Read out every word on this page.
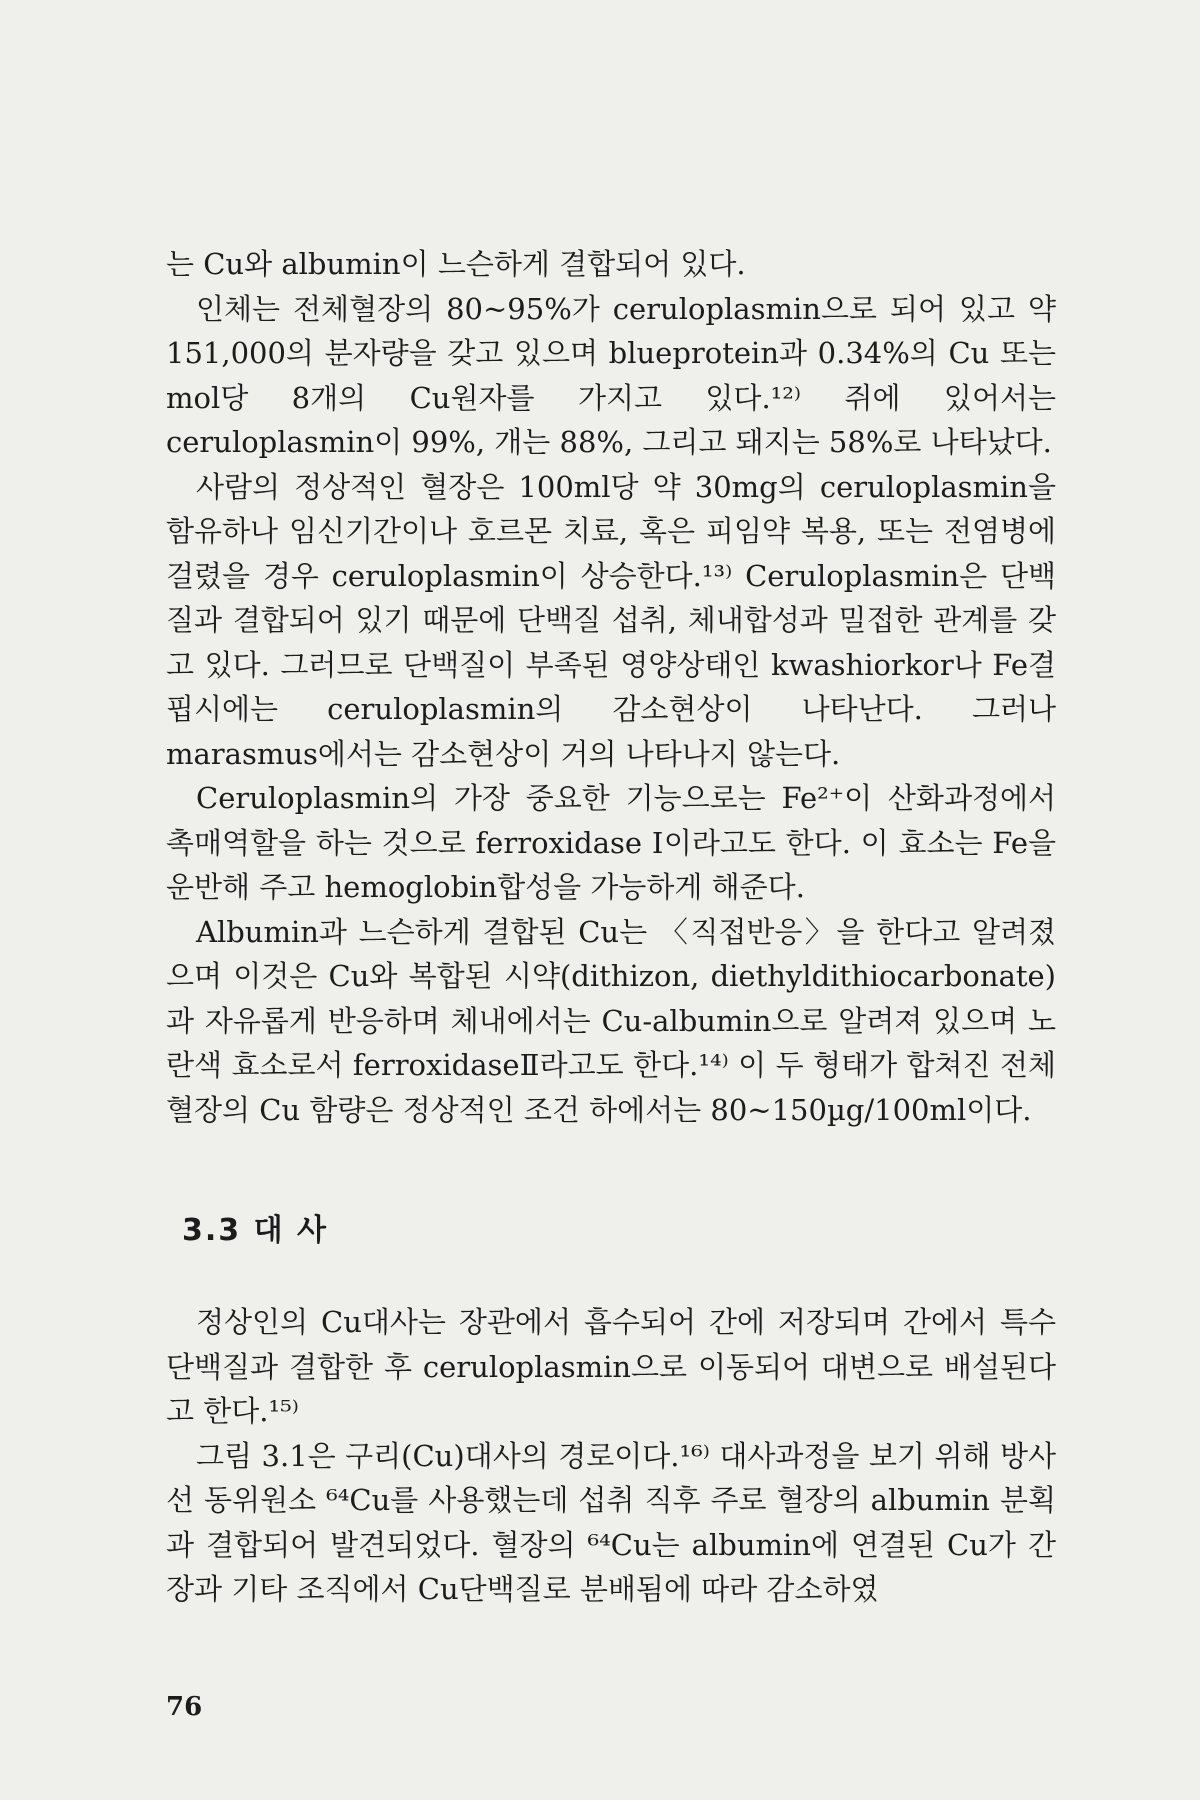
는 Cu와 albumin이 느슨하게 결합되어 있다.

인체는 전체혈장의 80~95%가 ceruloplasmin으로 되어 있고 약 151,000의 분자량을 갖고 있으며 blueprotein과 0.34%의 Cu 또는 mol당 8개의 Cu원자를 가지고 있다.¹²⁾ 쥐에 있어서는 ceruloplasmin이 99%, 개는 88%, 그리고 돼지는 58%로 나타났다.

사람의 정상적인 혈장은 100ml당 약 30mg의 ceruloplasmin을 함유하나 임신기간이나 호르몬 치료, 혹은 피임약 복용, 또는 전염병에 걸렸을 경우 ceruloplasmin이 상승한다.¹³⁾ Ceruloplasmin은 단백질과 결합되어 있기 때문에 단백질 섭취, 체내합성과 밀접한 관계를 갖고 있다. 그러므로 단백질이 부족된 영양상태인 kwashiorkor나 Fe결핍시에는 ceruloplasmin의 감소현상이 나타난다. 그러나 marasmus에서는 감소현상이 거의 나타나지 않는다.

Ceruloplasmin의 가장 중요한 기능으로는 Fe²⁺이 산화과정에서 촉매역할을 하는 것으로 ferroxidase Ⅰ이라고도 한다. 이 효소는 Fe을 운반해 주고 hemoglobin합성을 가능하게 해준다.

Albumin과 느슨하게 결합된 Cu는 〈직접반응〉을 한다고 알려졌으며 이것은 Cu와 복합된 시약(dithizon, diethyldithiocarbonate)과 자유롭게 반응하며 체내에서는 Cu-albumin으로 알려져 있으며 노란색 효소로서 ferroxidaseⅡ라고도 한다.¹⁴⁾ 이 두 형태가 합쳐진 전체 혈장의 Cu 함량은 정상적인 조건 하에서는 80~150µg/100ml이다.

3.3 대 사

정상인의 Cu대사는 장관에서 흡수되어 간에 저장되며 간에서 특수 단백질과 결합한 후 ceruloplasmin으로 이동되어 대변으로 배설된다고 한다.¹⁵⁾

그림 3.1은 구리(Cu)대사의 경로이다.¹⁶⁾ 대사과정을 보기 위해 방사선 동위원소 ⁶⁴Cu를 사용했는데 섭취 직후 주로 혈장의 albumin 분획과 결합되어 발견되었다. 혈장의 ⁶⁴Cu는 albumin에 연결된 Cu가 간장과 기타 조직에서 Cu단백질로 분배됨에 따라 감소하였

76
